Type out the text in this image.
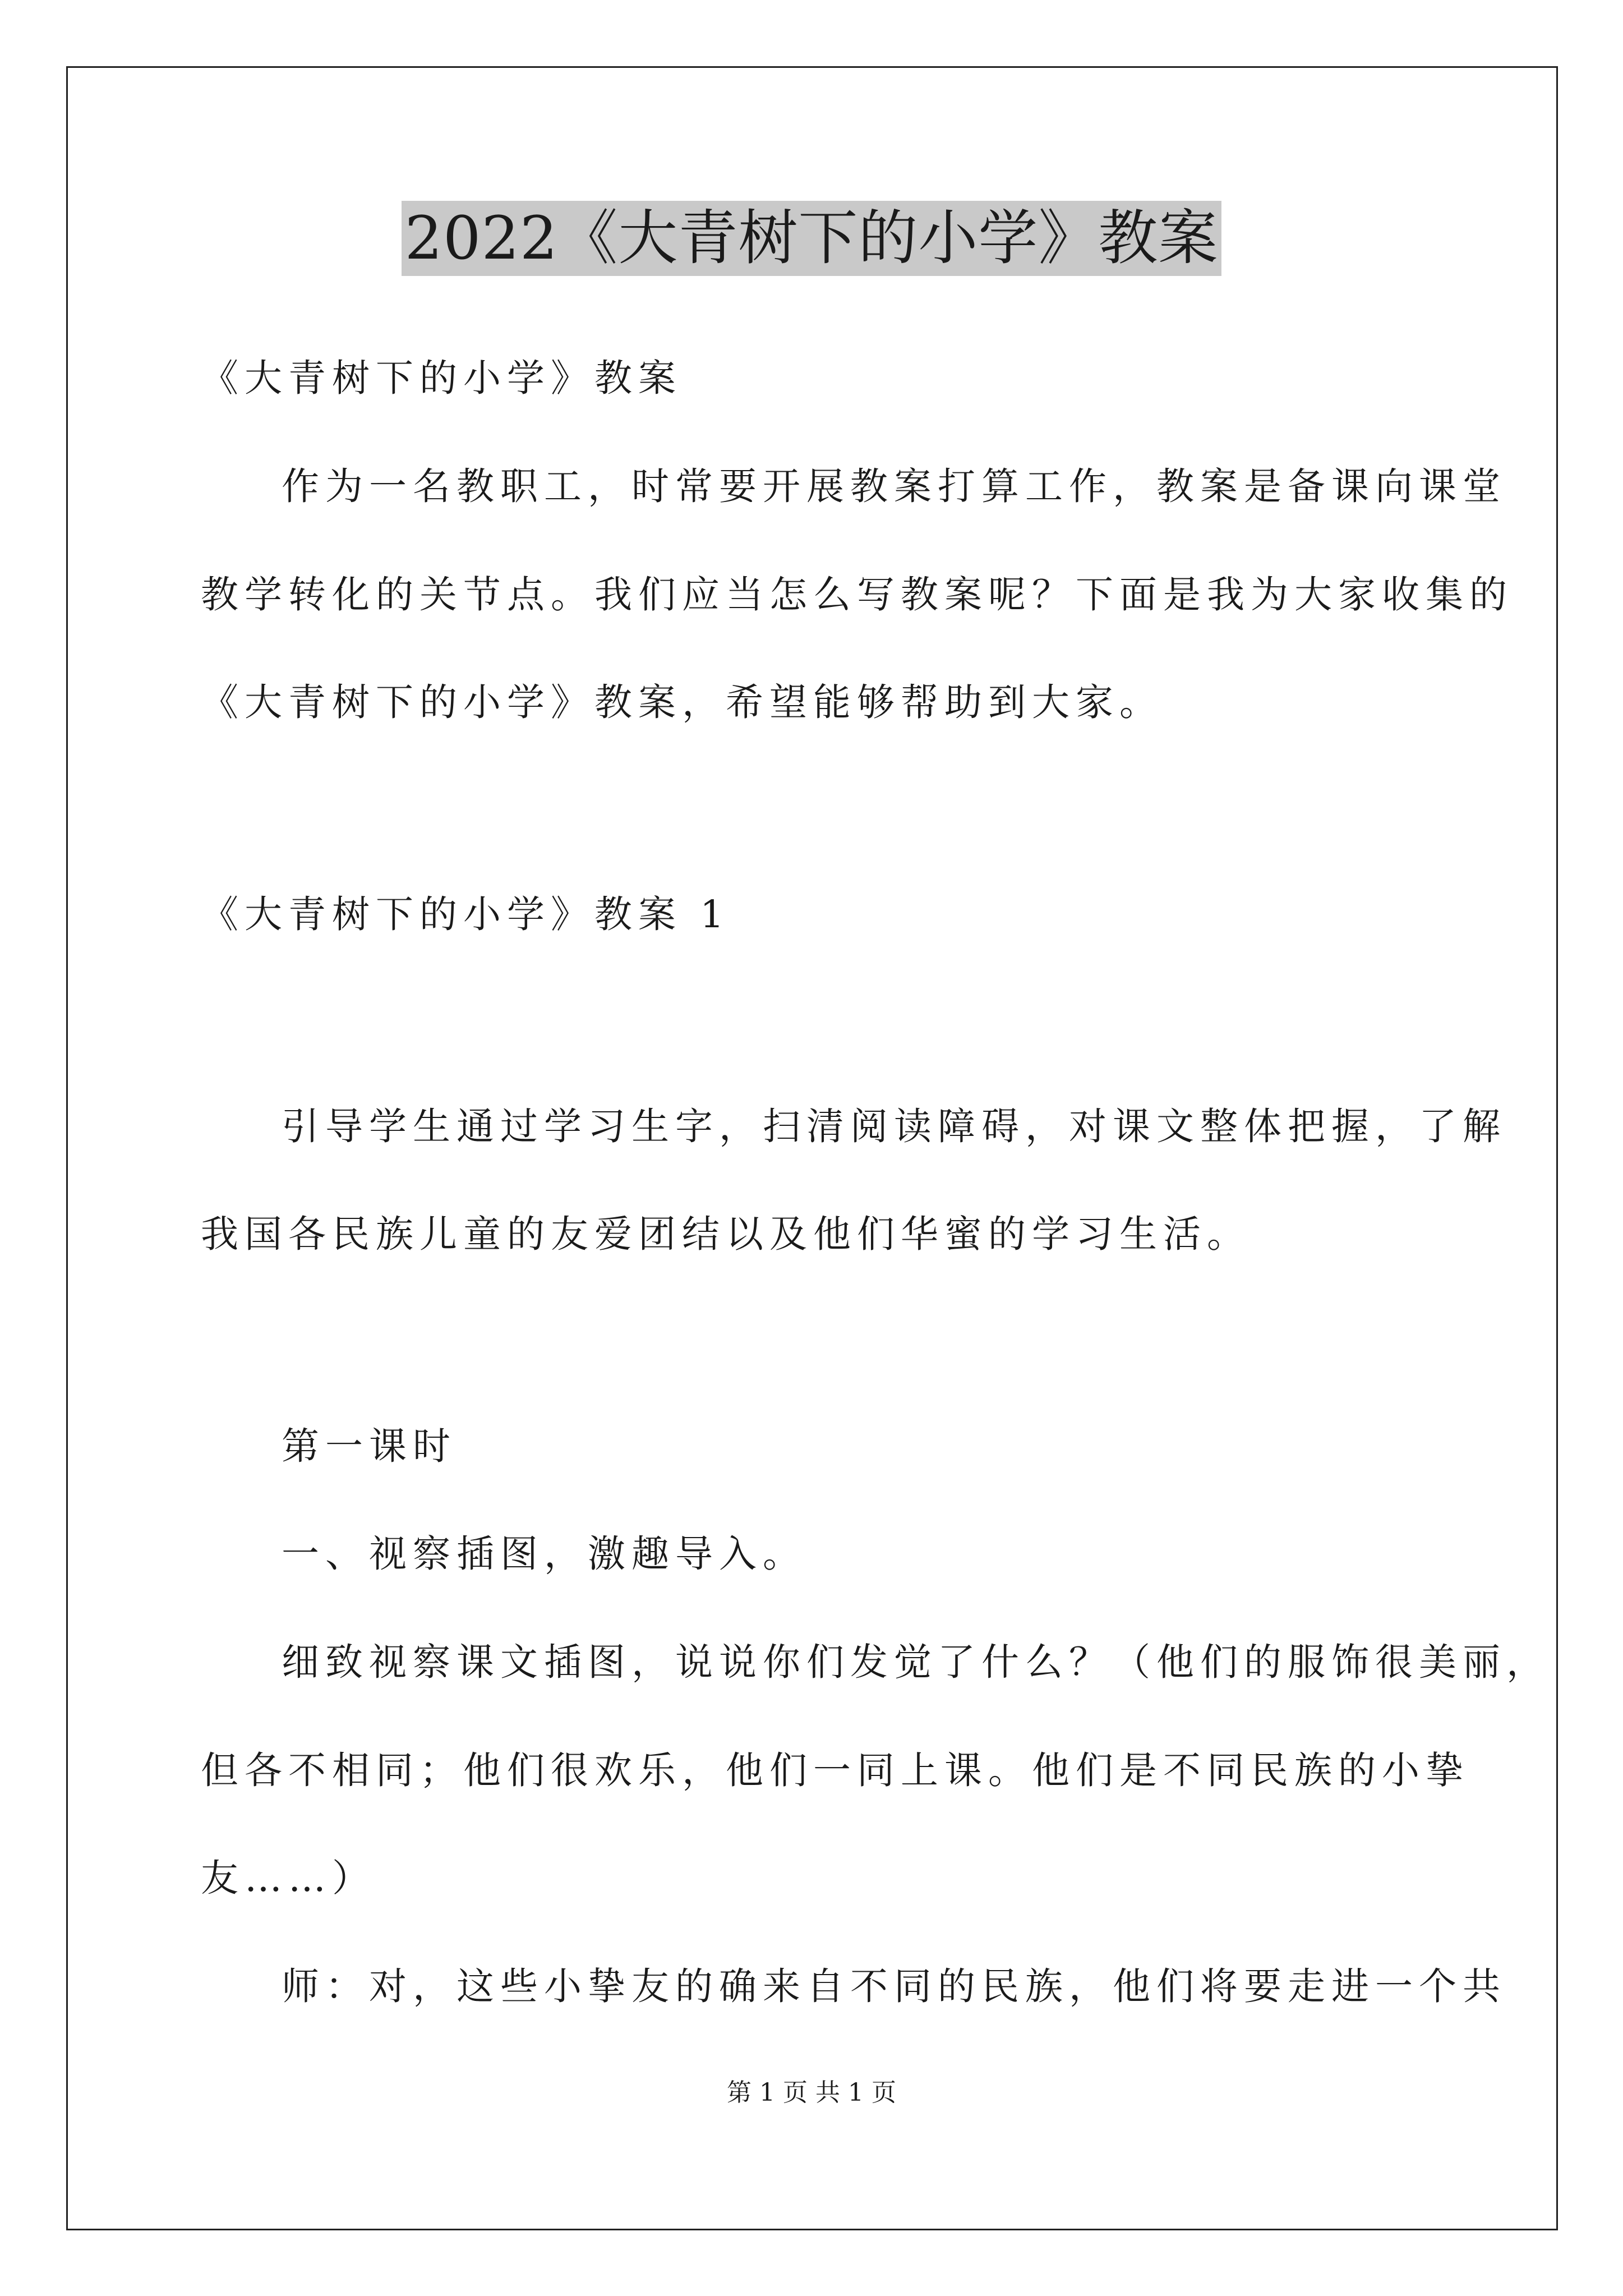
2022《大青树下的小学》教案
《大青树下的小学》教案
作为一名教职工，时常要开展教案打算工作，教案是备课向课堂
教学转化的关节点。我们应当怎么写教案呢？下面是我为大家收集的
《大青树下的小学》教案，希望能够帮助到大家。
《大青树下的小学》教案 1
引导学生通过学习生字，扫清阅读障碍，对课文整体把握，了解
我国各民族儿童的友爱团结以及他们华蜜的学习生活。
第一课时
一、视察插图，激趣导入。
细致视察课文插图，说说你们发觉了什么？（他们的服饰很美丽，
但各不相同；他们很欢乐，他们一同上课。他们是不同民族的小挚
友……）
师：对，这些小挚友的确来自不同的民族，他们将要走进一个共
第 1 页 共 1 页
